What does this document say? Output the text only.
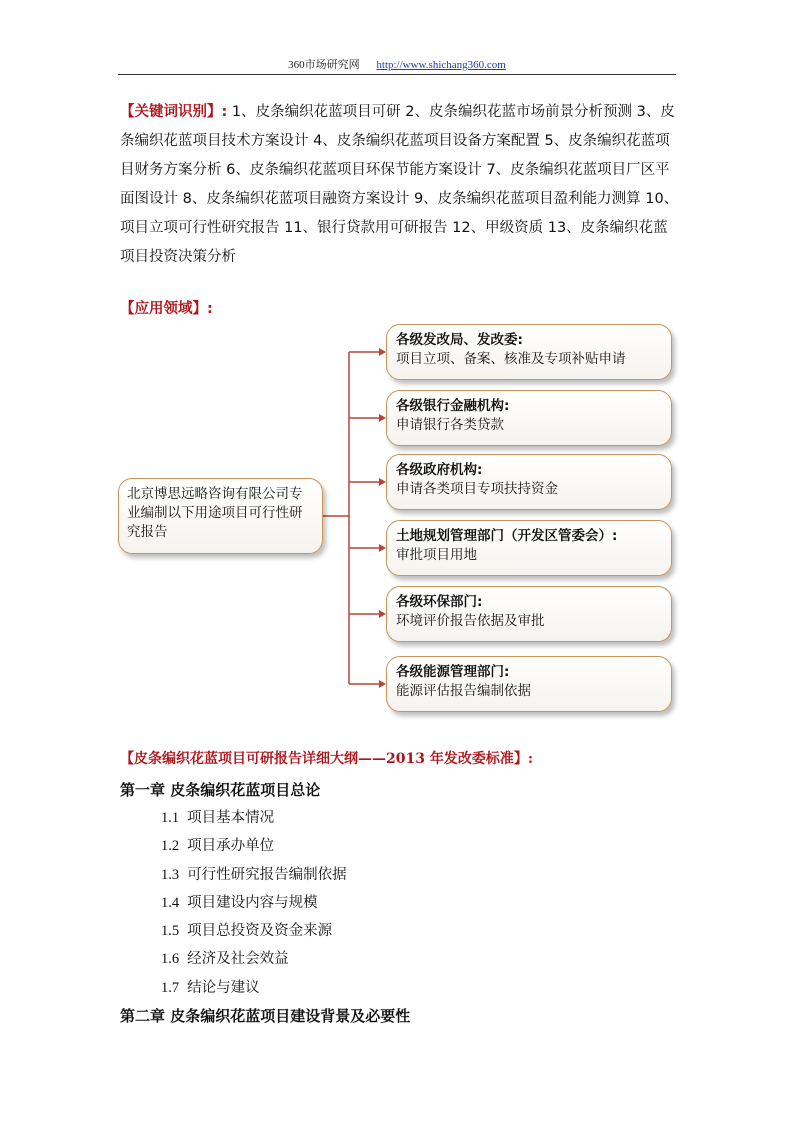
360市场研究网 http://www.shichang360.com
【关键词识别】: 1、皮条编织花蓝项目可研 2、皮条编织花蓝市场前景分析预测 3、皮条编织花蓝项目技术方案设计 4、皮条编织花蓝项目设备方案配置 5、皮条编织花蓝项目财务方案分析 6、皮条编织花蓝项目环保节能方案设计 7、皮条编织花蓝项目厂区平面图设计 8、皮条编织花蓝项目融资方案设计 9、皮条编织花蓝项目盈利能力测算 10、项目立项可行性研究报告 11、银行贷款用可研报告 12、甲级资质 13、皮条编织花蓝项目投资决策分析
【应用领域】:
北京博思远略咨询有限公司专业编制以下用途项目可行性研究报告
各级发改局、发改委:
项目立项、备案、核准及专项补贴申请
各级银行金融机构:
申请银行各类贷款
各级政府机构:
申请各类项目专项扶持资金
土地规划管理部门（开发区管委会）:
审批项目用地
各级环保部门:
环境评价报告依据及审批
各级能源管理部门:
能源评估报告编制依据
【皮条编织花蓝项目可研报告详细大纲——2013 年发改委标准】:
第一章 皮条编织花蓝项目总论
1.1 项目基本情况
1.2 项目承办单位
1.3 可行性研究报告编制依据
1.4 项目建设内容与规模
1.5 项目总投资及资金来源
1.6 经济及社会效益
1.7 结论与建议
第二章 皮条编织花蓝项目建设背景及必要性
